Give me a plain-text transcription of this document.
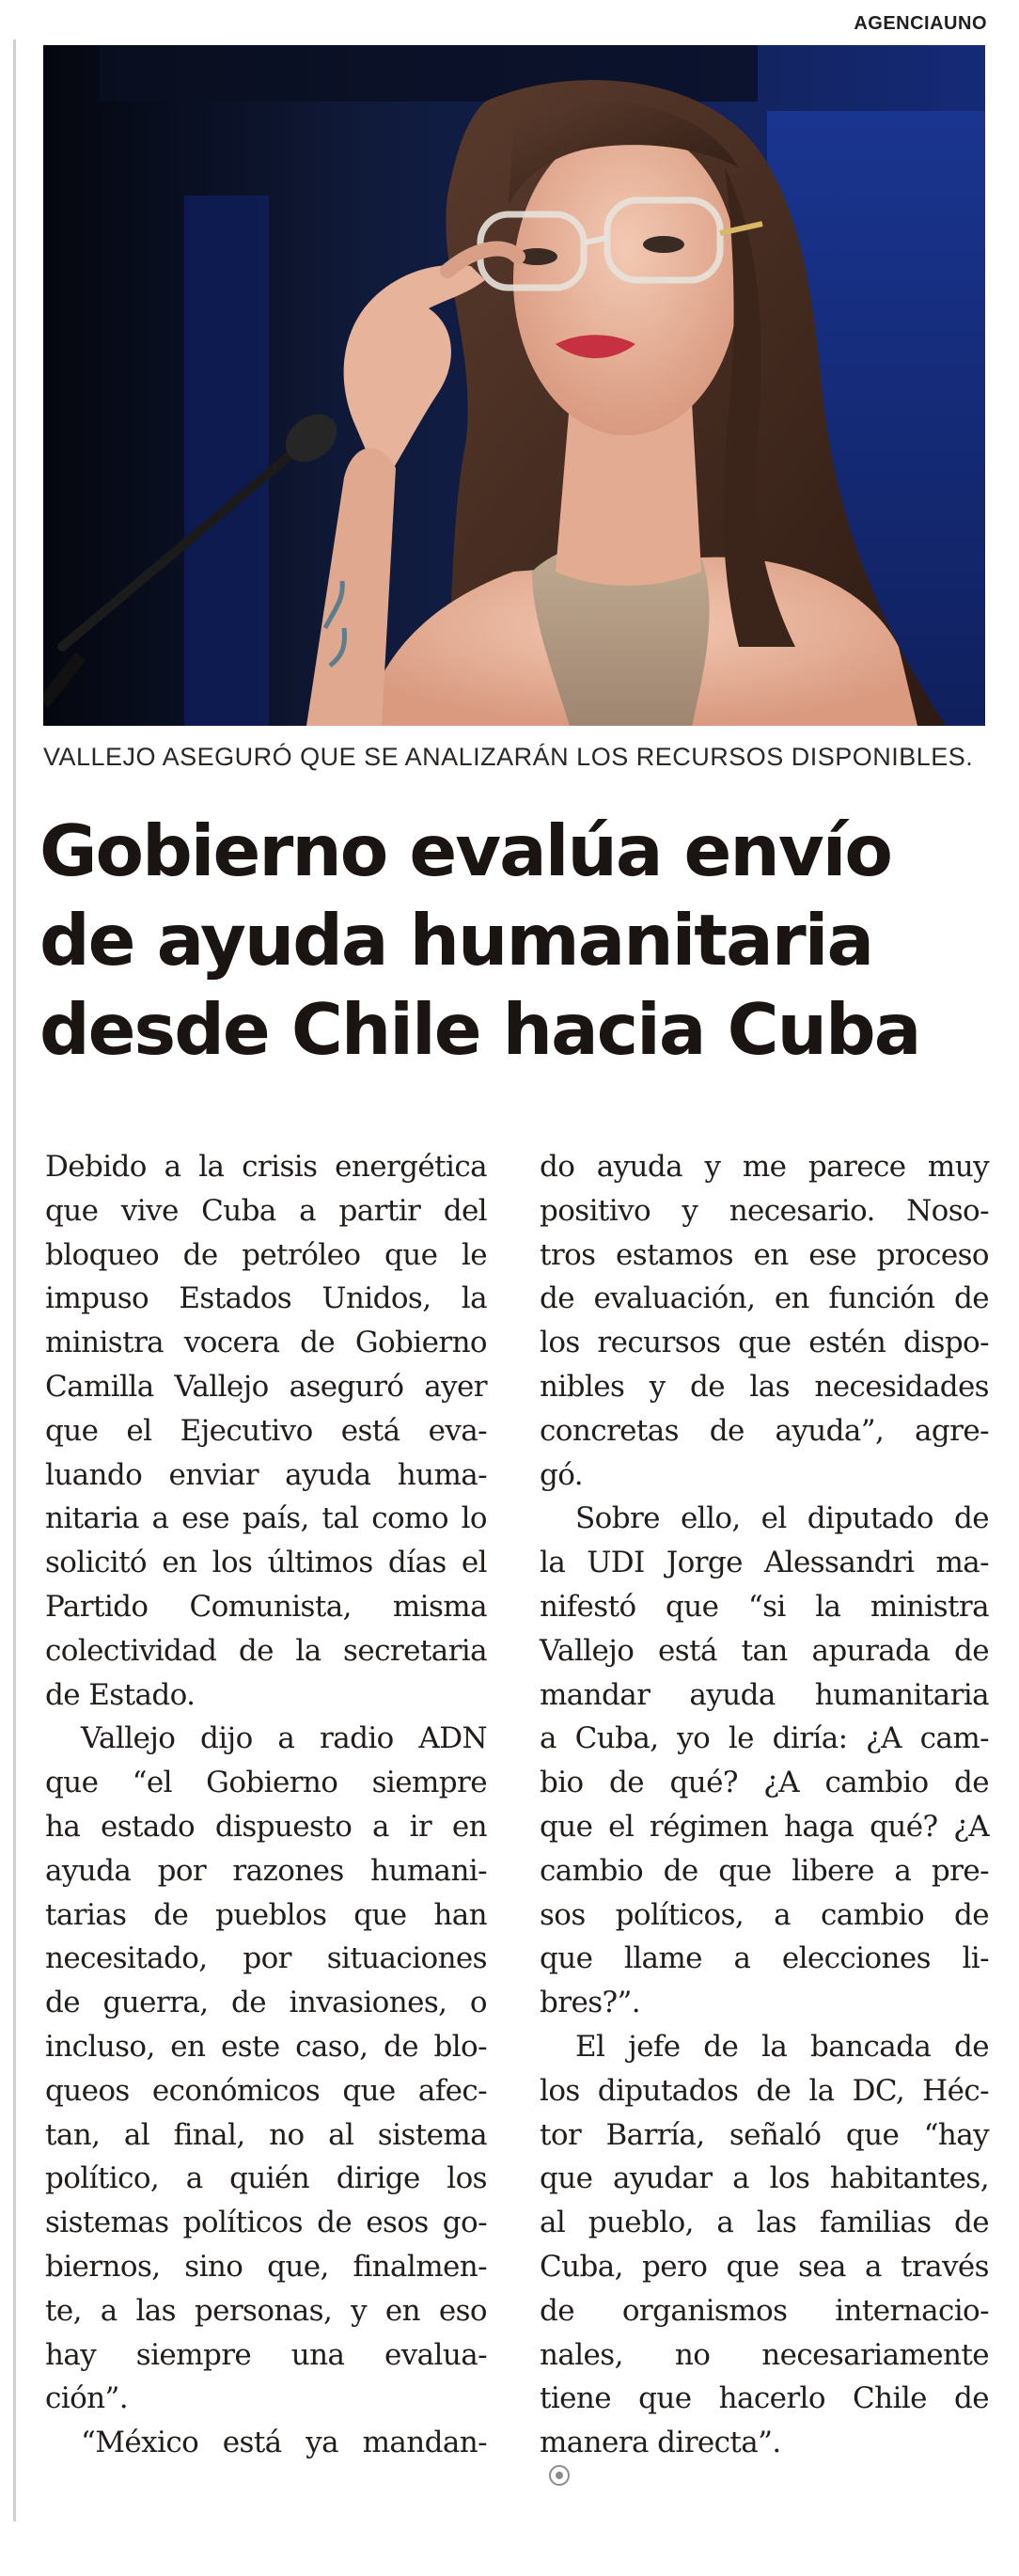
AGENCIAUNO
VALLEJO ASEGURÓ QUE SE ANALIZARÁN LOS RECURSOS DISPONIBLES.
Gobierno evalúa envío
de ayuda humanitaria
desde Chile hacia Cuba
Debido a la crisis energética
que vive Cuba a partir del
bloqueo de petróleo que le
impuso Estados Unidos, la
ministra vocera de Gobierno
Camilla Vallejo aseguró ayer
que el Ejecutivo está eva-
luando enviar ayuda huma-
nitaria a ese país, tal como lo
solicitó en los últimos días el
Partido Comunista, misma
colectividad de la secretaria
de Estado.
Vallejo dijo a radio ADN
que “el Gobierno siempre
ha estado dispuesto a ir en
ayuda por razones humani-
tarias de pueblos que han
necesitado, por situaciones
de guerra, de invasiones, o
incluso, en este caso, de blo-
queos económicos que afec-
tan, al final, no al sistema
político, a quién dirige los
sistemas políticos de esos go-
biernos, sino que, finalmen-
te, a las personas, y en eso
hay siempre una evalua-
ción”.
“México está ya mandan-
do ayuda y me parece muy
positivo y necesario. Noso-
tros estamos en ese proceso
de evaluación, en función de
los recursos que estén dispo-
nibles y de las necesidades
concretas de ayuda”, agre-
gó.
Sobre ello, el diputado de
la UDI Jorge Alessandri ma-
nifestó que “si la ministra
Vallejo está tan apurada de
mandar ayuda humanitaria
a Cuba, yo le diría: ¿A cam-
bio de qué? ¿A cambio de
que el régimen haga qué? ¿A
cambio de que libere a pre-
sos políticos, a cambio de
que llame a elecciones li-
bres?”.
El jefe de la bancada de
los diputados de la DC, Héc-
tor Barría, señaló que “hay
que ayudar a los habitantes,
al pueblo, a las familias de
Cuba, pero que sea a través
de organismos internacio-
nales, no necesariamente
tiene que hacerlo Chile de
manera directa”.
